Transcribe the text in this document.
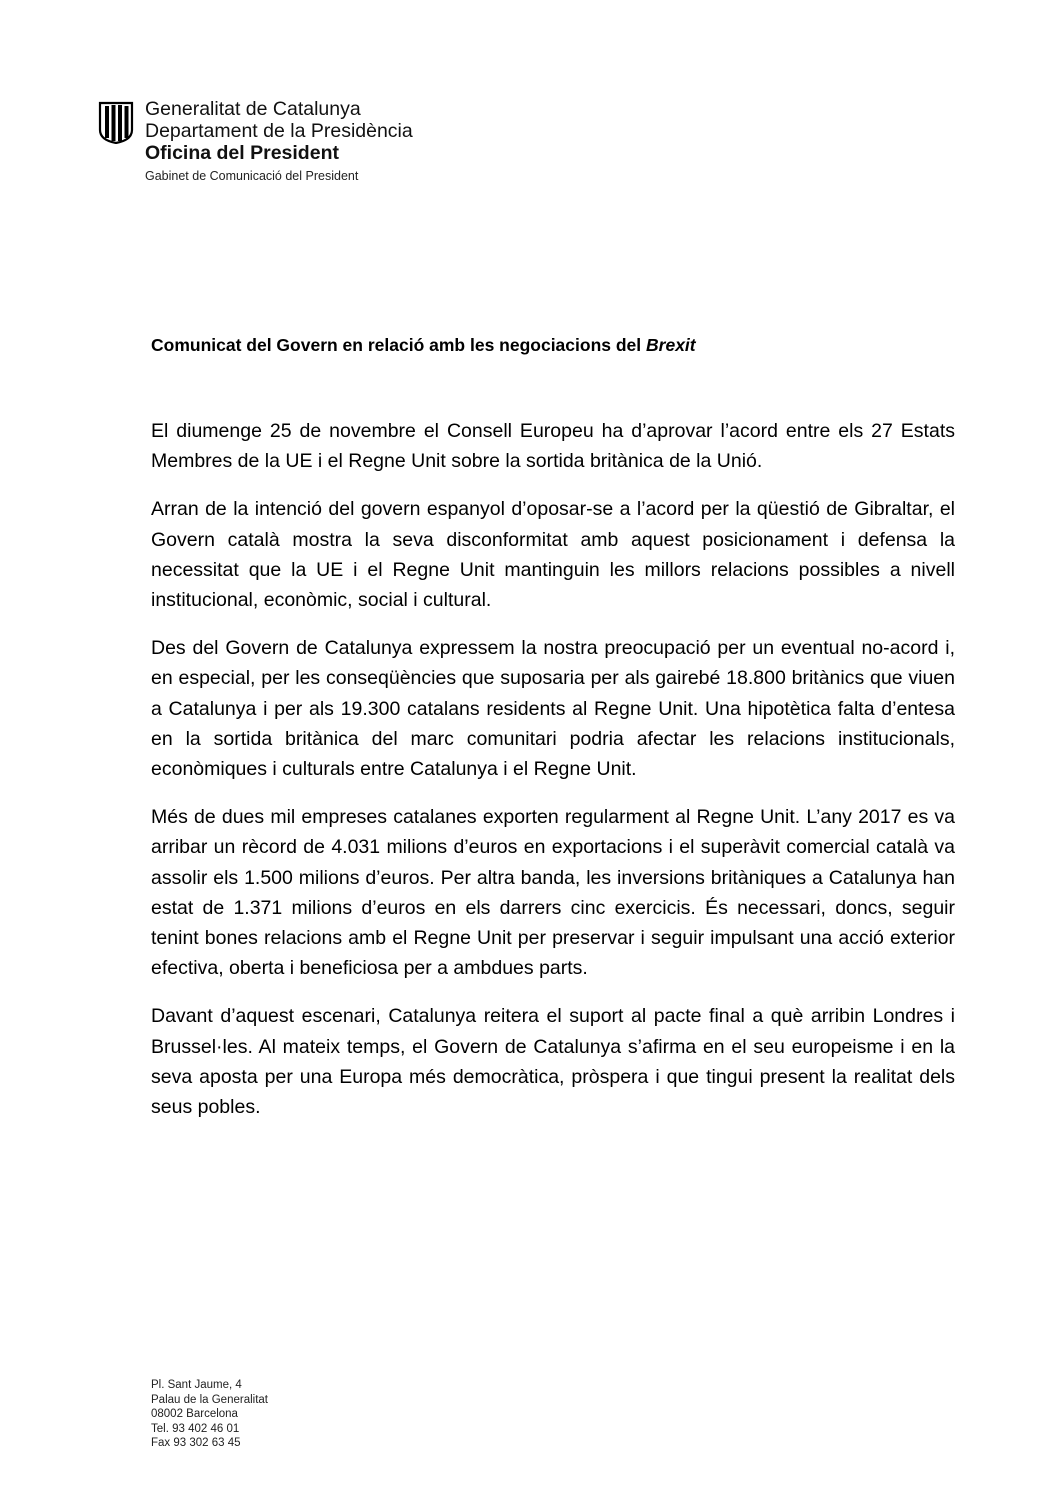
Generalitat de Catalunya
Departament de la Presidència
Oficina del President
Gabinet de Comunicació del President
Comunicat del Govern en relació amb les negociacions del Brexit

El diumenge 25 de novembre el Consell Europeu ha d’aprovar l’acord entre els 27 Estats Membres de la UE i el Regne Unit sobre la sortida britànica de la Unió.

Arran de la intenció del govern espanyol d’oposar-se a l’acord per la qüestió de Gibraltar, el Govern català mostra la seva disconformitat amb aquest posicionament i defensa la necessitat que la UE i el Regne Unit mantinguin les millors relacions possibles a nivell institucional, econòmic, social i cultural.

Des del Govern de Catalunya expressem la nostra preocupació per un eventual no-acord i, en especial, per les conseqüències que suposaria per als gairebé 18.800 britànics que viuen a Catalunya i per als 19.300 catalans residents al Regne Unit. Una hipotètica falta d’entesa en la sortida britànica del marc comunitari podria afectar les relacions institucionals, econòmiques i culturals entre Catalunya i el Regne Unit.

Més de dues mil empreses catalanes exporten regularment al Regne Unit. L’any 2017 es va arribar un rècord de 4.031 milions d’euros en exportacions i el superàvit comercial català va assolir els 1.500 milions d’euros. Per altra banda, les inversions britàniques a Catalunya han estat de 1.371 milions d’euros en els darrers cinc exercicis. És necessari, doncs, seguir tenint bones relacions amb el Regne Unit per preservar i seguir impulsant una acció exterior efectiva, oberta i beneficiosa per a ambdues parts.

Davant d’aquest escenari, Catalunya reitera el suport al pacte final a què arribin Londres i Brussel·les. Al mateix temps, el Govern de Catalunya s’afirma en el seu europeisme i en la seva aposta per una Europa més democràtica, pròspera i que tingui present la realitat dels seus pobles.

Pl. Sant Jaume, 4
Palau de la Generalitat
08002 Barcelona
Tel. 93 402 46 01
Fax 93 302 63 45
